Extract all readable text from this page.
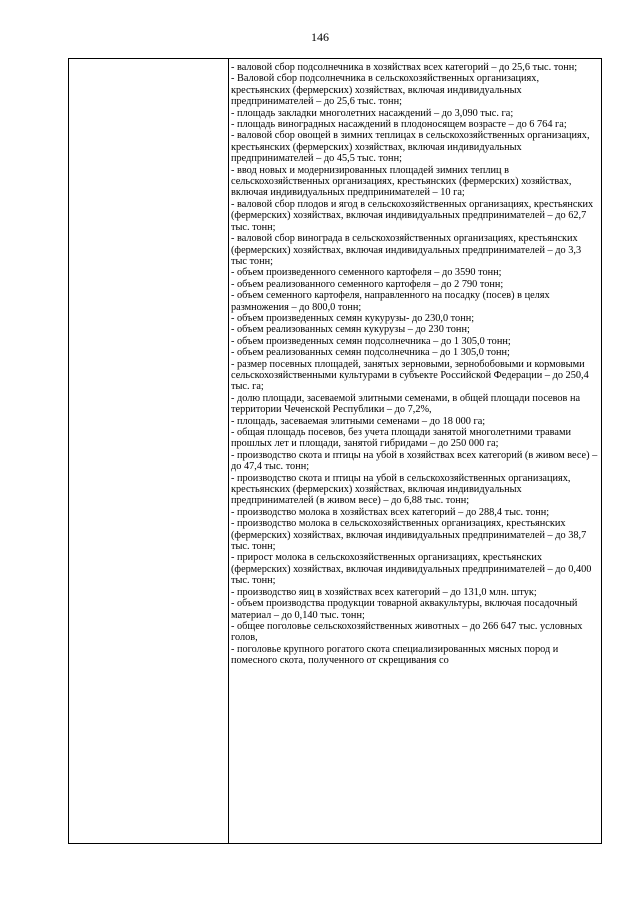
146

- валовой сбор подсолнечника в хозяйствах всех категорий – до 25,6 тыс. тонн;

- Валовой сбор подсолнечника в сельскохозяйственных организациях, крестьянских (фермерских) хозяйствах, включая индивидуальных предпринимателей – до 25,6 тыс. тонн;

- площадь закладки многолетних насаждений – до 3,090 тыс. га;

- площадь виноградных насаждений в плодоносящем возрасте – до 6 764 га;

- валовой сбор овощей в зимних теплицах в сельскохозяйственных организациях, крестьянских (фермерских) хозяйствах, включая индивидуальных предпринимателей – до 45,5 тыс. тонн;

- ввод новых и модернизированных площадей зимних теплиц в сельскохозяйственных организациях, крестьянских (фермерских) хозяйствах, включая индивидуальных предпринимателей – 10 га;

- валовой сбор плодов и ягод в сельскохозяйственных организациях, крестьянских (фермерских) хозяйствах, включая индивидуальных предпринимателей – до 62,7 тыс. тонн;

- валовой сбор винограда в сельскохозяйственных организациях, крестьянских (фермерских) хозяйствах, включая индивидуальных предпринимателей – до 3,3 тыс тонн;

- объем произведенного семенного картофеля – до 3590 тонн;

- объем реализованного семенного картофеля – до 2 790 тонн;

- объем семенного картофеля, направленного на посадку (посев) в целях размножения – до 800,0 тонн;

- объем произведенных семян кукурузы- до 230,0 тонн;

- объем реализованных семян кукурузы – до 230 тонн;

- объем произведенных семян подсолнечника – до 1 305,0 тонн;

- объем реализованных семян подсолнечника – до 1 305,0 тонн;

- размер посевных площадей, занятых зерновыми, зернобобовыми и кормовыми сельскохозяйственными культурами в субъекте Российской Федерации – до 250,4 тыс. га;

- долю площади, засеваемой элитными семенами, в общей площади посевов на территории Чеченской Республики – до 7,2%,

- площадь, засеваемая элитными семенами – до 18 000 га;

- общая площадь посевов, без учета площади занятой многолетними травами прошлых лет и площади, занятой гибридами – до 250 000 га;

- производство скота и птицы на убой в хозяйствах всех категорий (в живом весе) – до 47,4 тыс. тонн;

- производство скота и птицы на убой в сельскохозяйственных организациях, крестьянских (фермерских) хозяйствах, включая индивидуальных предпринимателей (в живом весе) – до 6,88 тыс. тонн;

- производство молока в хозяйствах всех категорий – до 288,4 тыс. тонн;

- производство молока в сельскохозяйственных организациях, крестьянских (фермерских) хозяйствах, включая индивидуальных предпринимателей – до 38,7 тыс. тонн;

- прирост молока в сельскохозяйственных организациях, крестьянских (фермерских) хозяйствах, включая индивидуальных предпринимателей – до 0,400 тыс. тонн;

- производство яиц в хозяйствах всех категорий – до 131,0 млн. штук;

- объем производства продукции товарной аквакультуры, включая посадочный материал – до 0,140 тыс. тонн;

- общее поголовье сельскохозяйственных животных – до 266 647 тыс. условных голов,

- поголовье крупного рогатого скота специализированных мясных пород и помесного скота, полученного от скрещивания со
